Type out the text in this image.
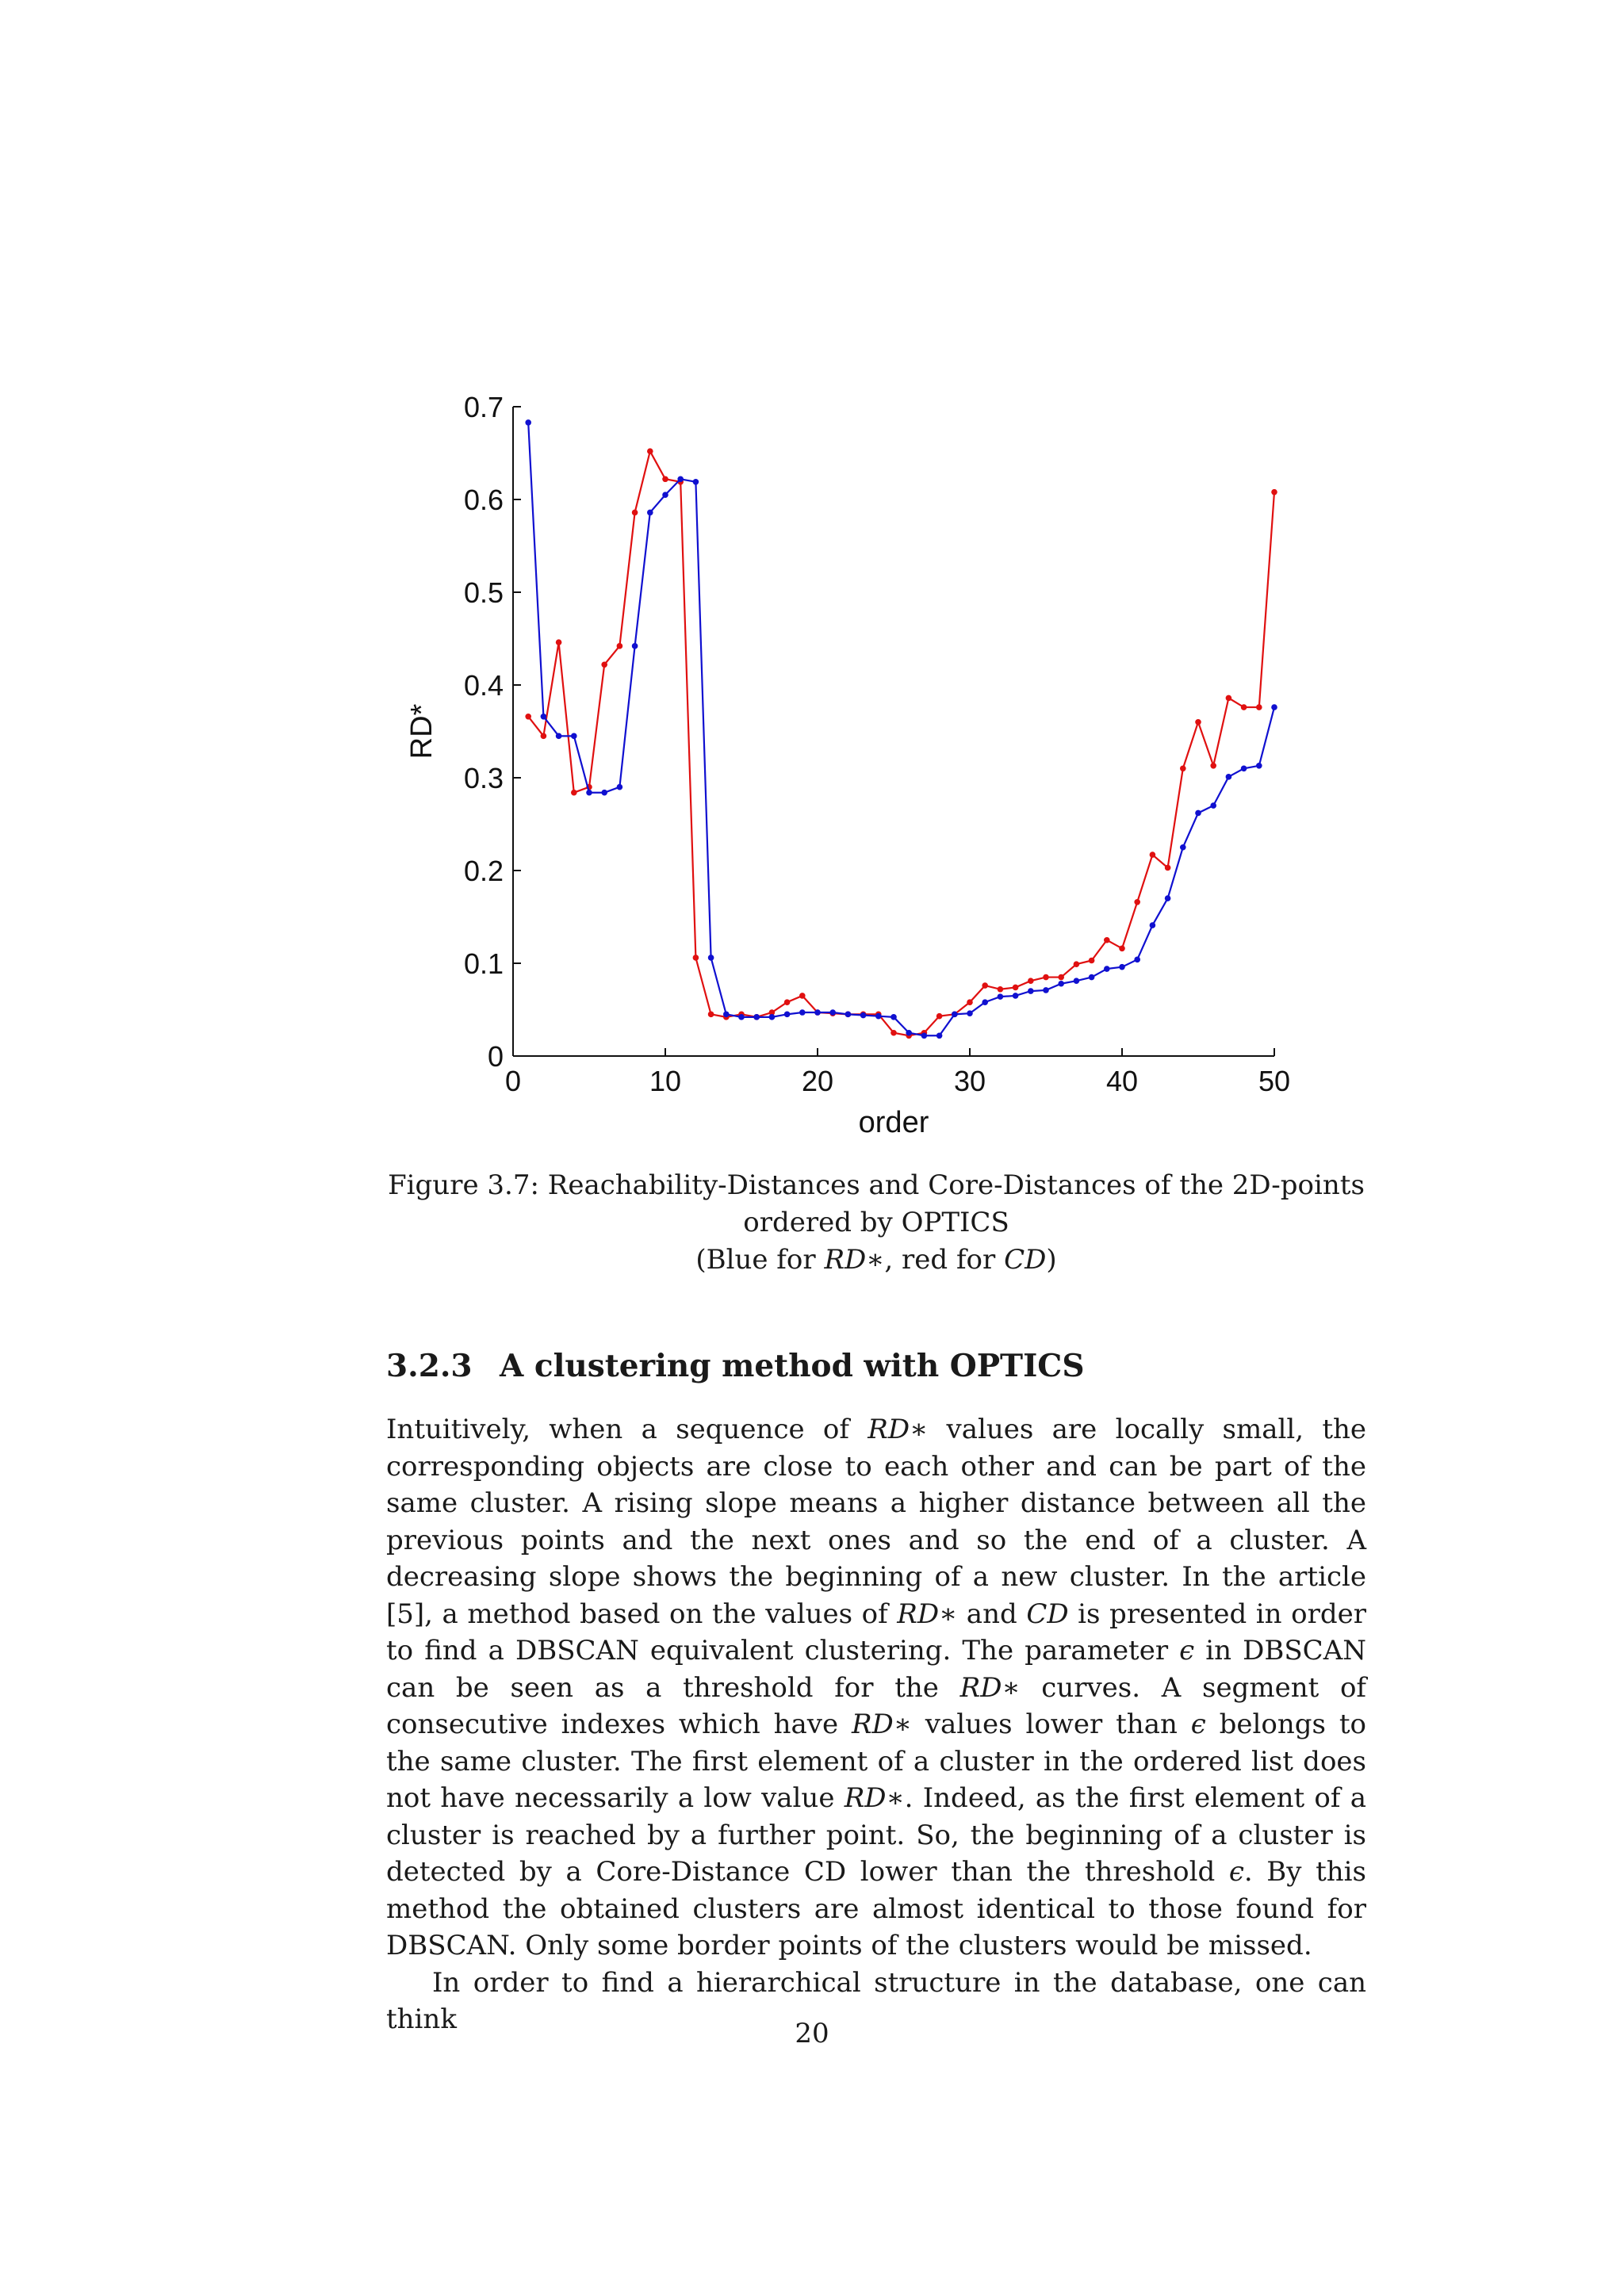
0
0.1
0.2
0.3
0.4
0.5
0.6
0.7
0	10	20	30	40	50
order
RD*
Figure 3.7: Reachability-Distances and Core-Distances of the 2D-points
ordered by OPTICS
(Blue for RD∗, red for CD)
3.2.3 A clustering method with OPTICS

Intuitively, when a sequence of RD∗ values are locally small, the corresponding objects are close to each other and can be part of the same cluster. A rising slope means a higher distance between all the previous points and the next ones and so the end of a cluster. A decreasing slope shows the beginning of a new cluster. In the article [5], a method based on the values of RD∗ and CD is presented in order to find a DBSCAN equivalent clustering. The parameter ϵ in DBSCAN can be seen as a threshold for the RD∗ curves. A segment of consecutive indexes which have RD∗ values lower than ϵ belongs to the same cluster. The first element of a cluster in the ordered list does not have necessarily a low value RD∗. Indeed, as the first element of a cluster is reached by a further point. So, the beginning of a cluster is detected by a Core-Distance CD lower than the threshold ϵ. By this method the obtained clusters are almost identical to those found for DBSCAN. Only some border points of the clusters would be missed.

In order to find a hierarchical structure in the database, one can think	20
